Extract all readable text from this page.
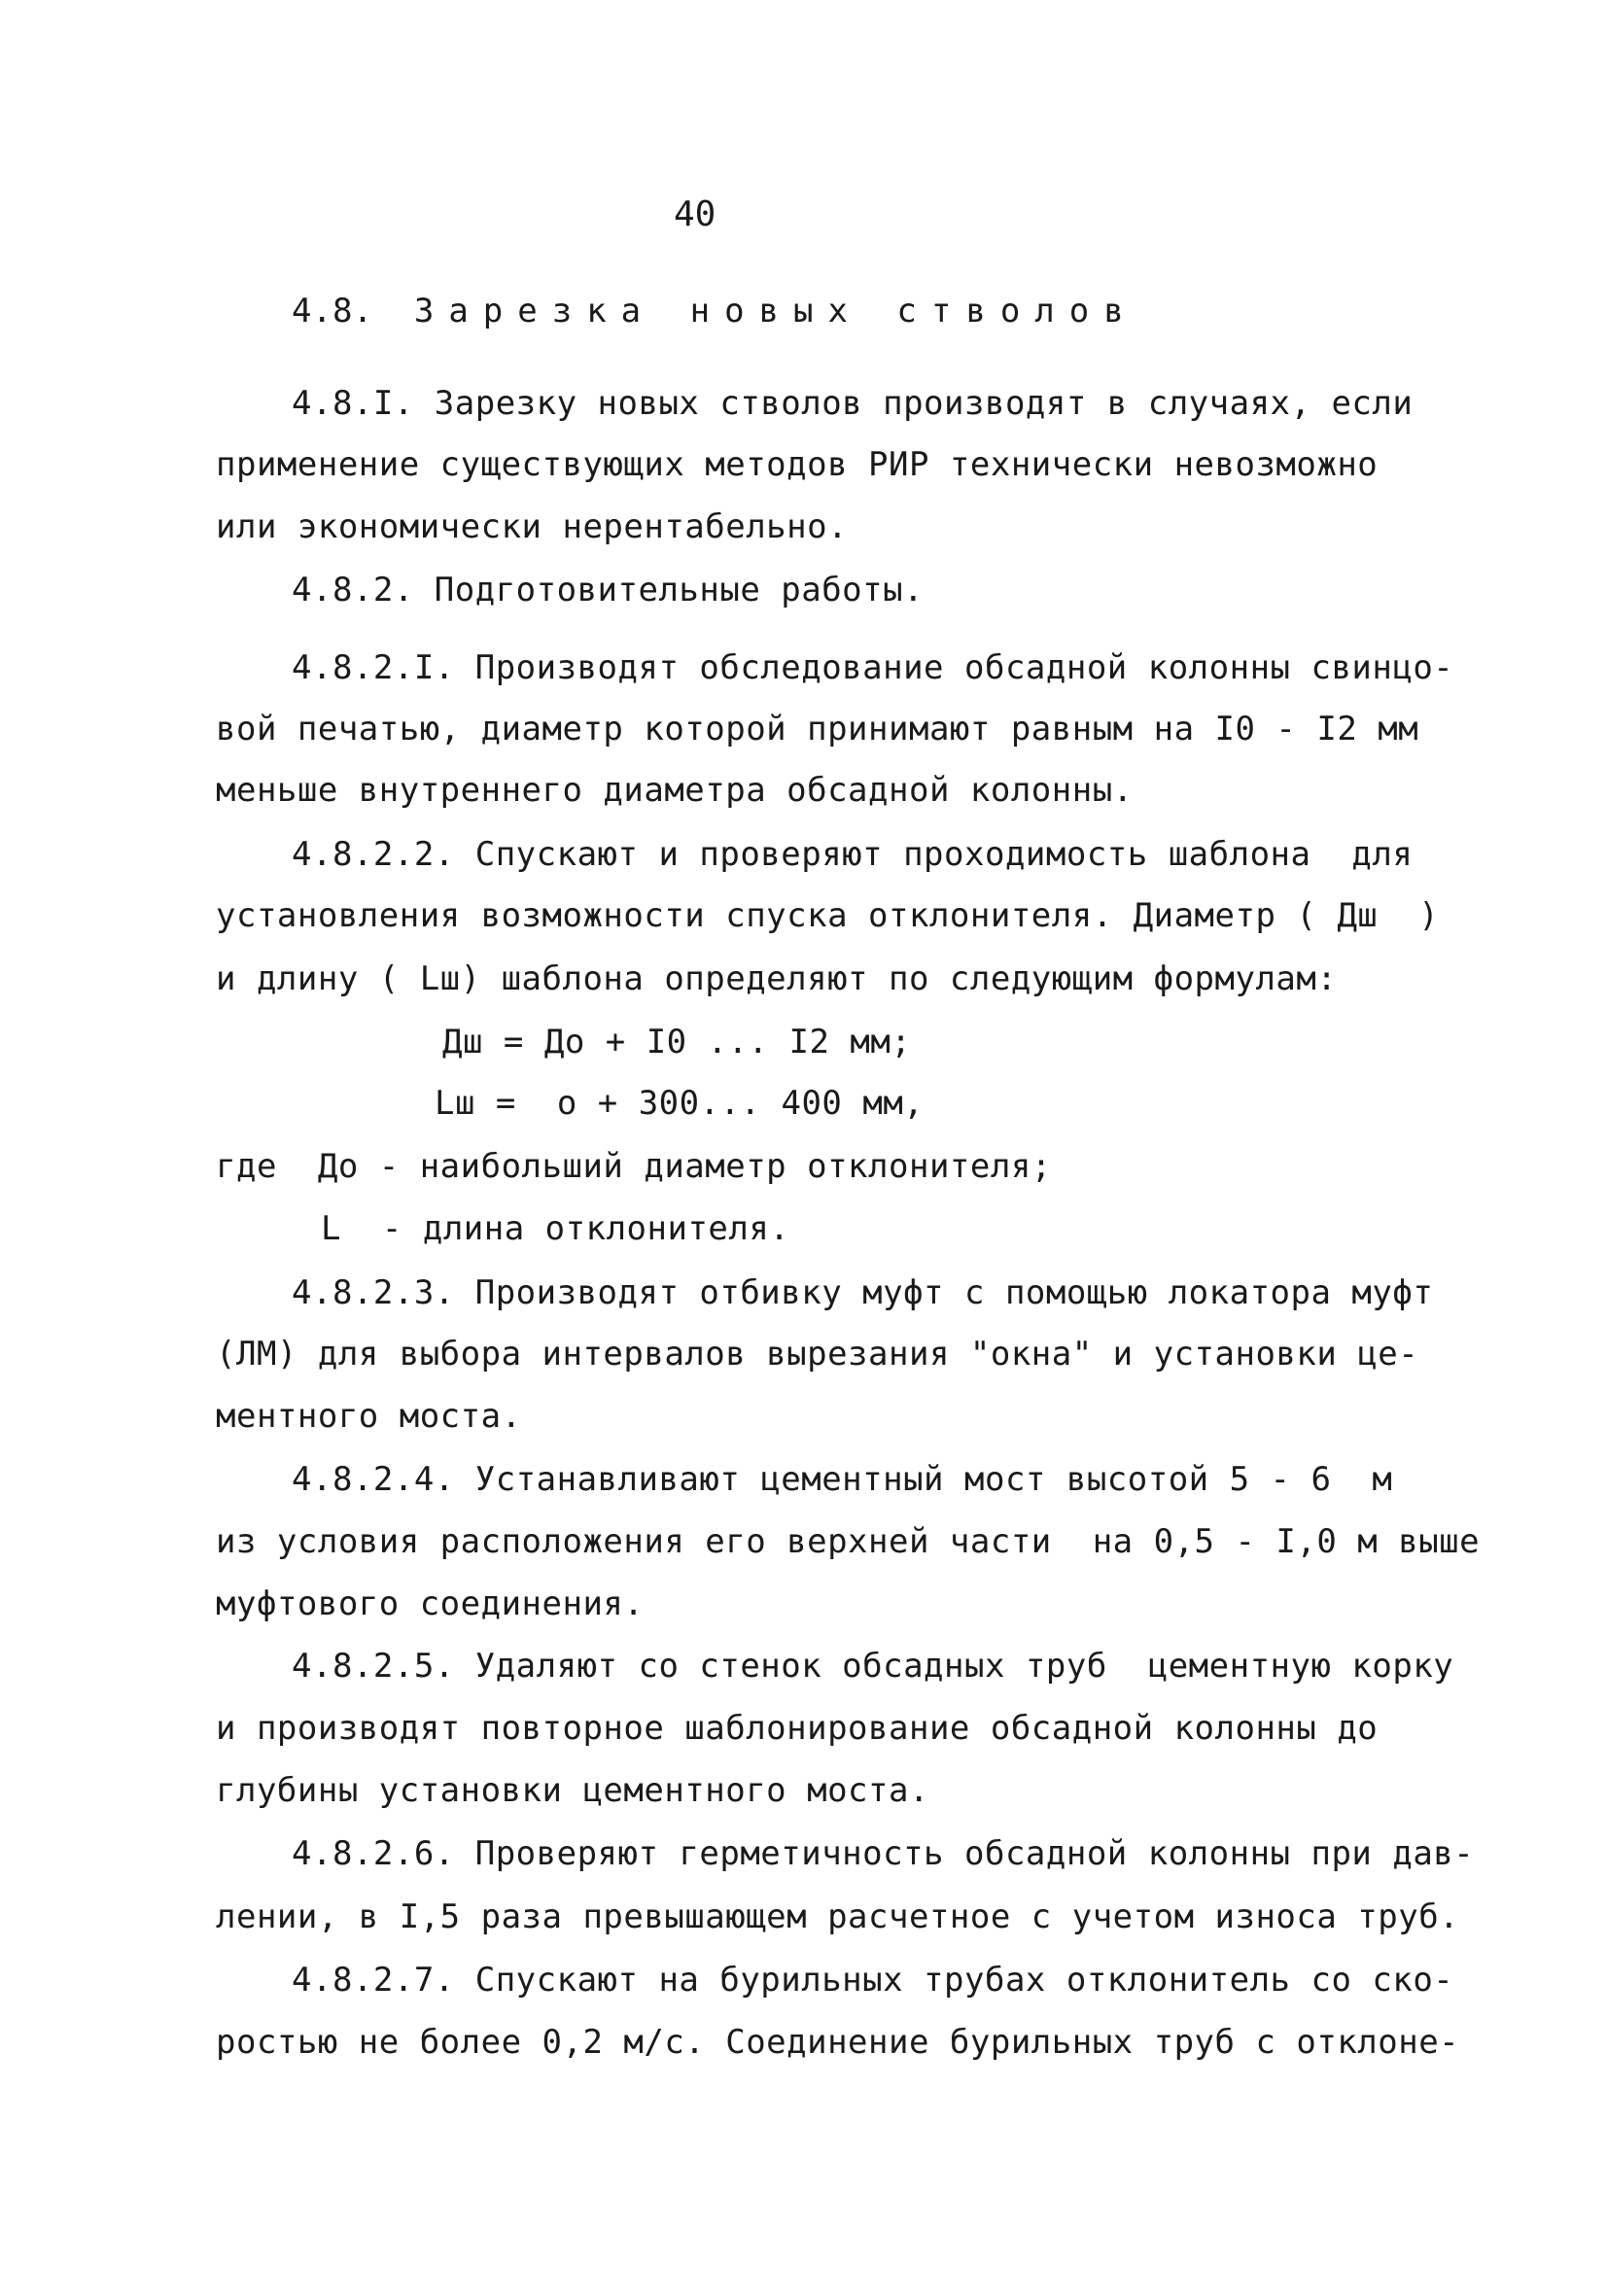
40
4.8. Зарезка новых стволов
4.8.I. Зарезку новых стволов производят в случаях, если
применение существующих методов РИР технически невозможно
или экономически нерентабельно.
4.8.2. Подготовительные работы.
4.8.2.I. Производят обследование обсадной колонны свинцо-
вой печатью, диаметр которой принимают равным на I0 - I2 мм
меньше внутреннего диаметра обсадной колонны.
4.8.2.2. Спускают и проверяют проходимость шаблона  для
установления возможности спуска отклонителя. Диаметр ( Дш  )
и длину ( Lш) шаблона определяют по следующим формулам:
Дш = До + I0 ... I2 мм;
Lш =  o + 300... 400 мм,
где  До - наибольший диаметр отклонителя;
L  - длина отклонителя.
4.8.2.3. Производят отбивку муфт с помощью локатора муфт
(ЛМ) для выбора интервалов вырезания "окна" и установки це-
ментного моста.
4.8.2.4. Устанавливают цементный мост высотой 5 - 6  м
из условия расположения его верхней части  на 0,5 - I,0 м выше
муфтового соединения.
4.8.2.5. Удаляют со стенок обсадных труб  цементную корку
и производят повторное шаблонирование обсадной колонны до
глубины установки цементного моста.
4.8.2.6. Проверяют герметичность обсадной колонны при дав-
лении, в I,5 раза превышающем расчетное с учетом износа труб.
4.8.2.7. Спускают на бурильных трубах отклонитель со ско-
ростью не более 0,2 м/с. Соединение бурильных труб с отклоне-
